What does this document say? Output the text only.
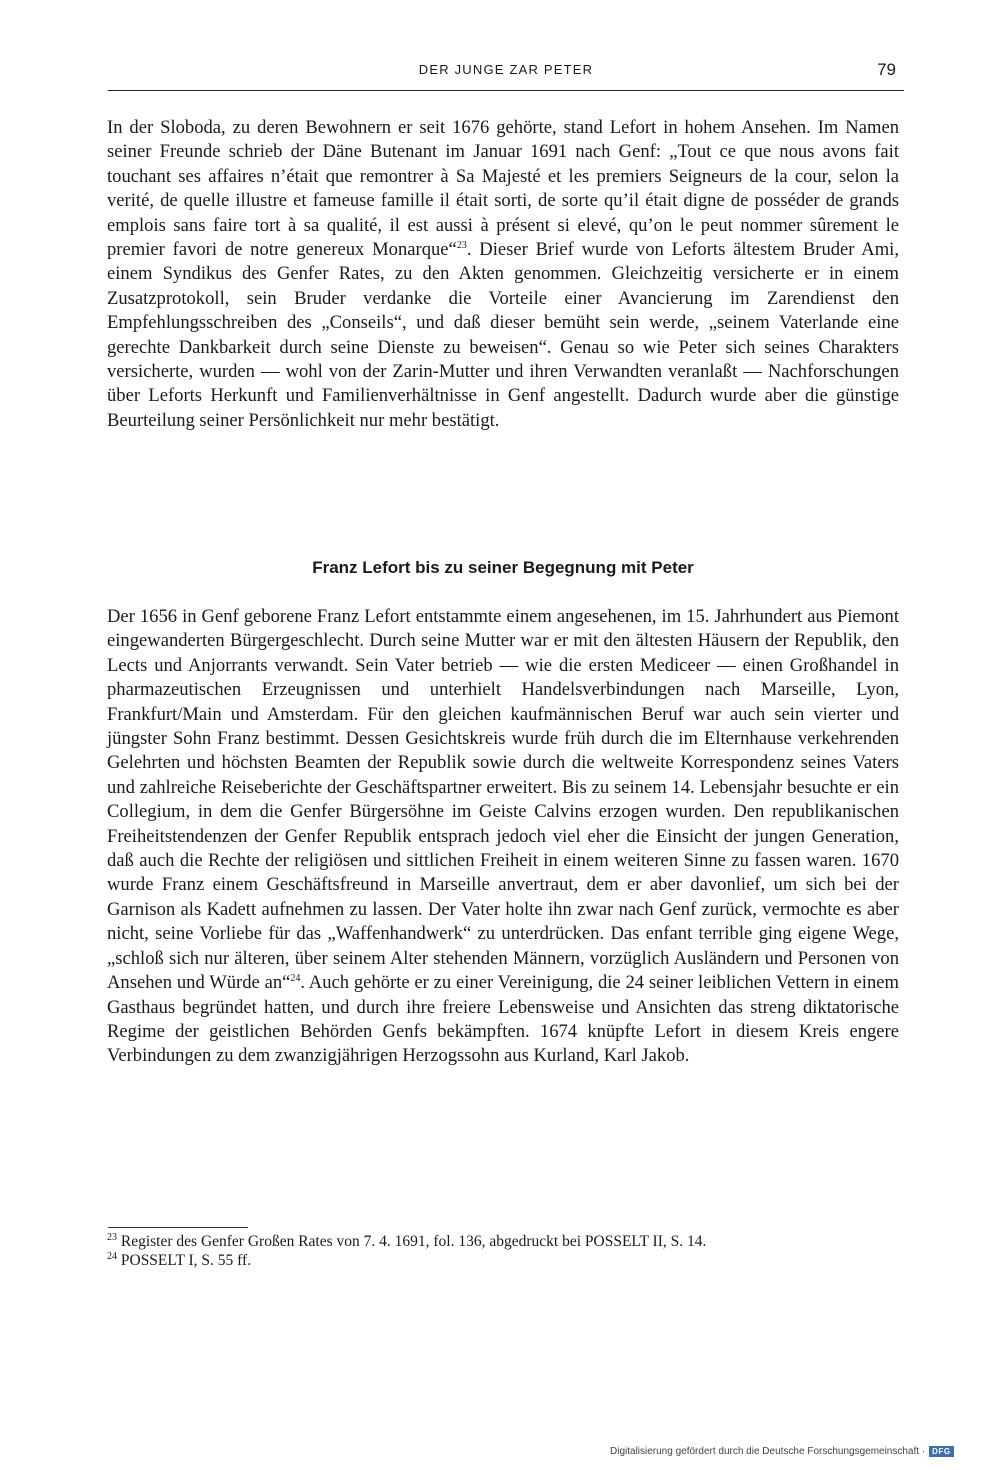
DER JUNGE ZAR PETER	79

In der Sloboda, zu deren Bewohnern er seit 1676 gehörte, stand Lefort in hohem Ansehen. Im Namen seiner Freunde schrieb der Däne Butenant im Januar 1691 nach Genf: „Tout ce que nous avons fait touchant ses affaires n’était que remontrer à Sa Majesté et les premiers Seigneurs de la cour, selon la verité, de quelle illustre et fameuse famille il était sorti, de sorte qu’il était digne de posséder de grands emplois sans faire tort à sa qualité, il est aussi à présent si elevé, qu’on le peut nommer sûrement le premier favori de notre genereux Monarque“$^{23}$. Dieser Brief wurde von Leforts ältestem Bruder Ami, einem Syndikus des Genfer Rates, zu den Akten genommen. Gleichzeitig versicherte er in einem Zusatzprotokoll, sein Bruder verdanke die Vorteile einer Avancierung im Zarendienst den Empfehlungsschreiben des „Conseils“, und daß dieser bemüht sein werde, „seinem Vaterlande eine gerechte Dankbarkeit durch seine Dienste zu beweisen“. Genau so wie Peter sich seines Charakters versicherte, wurden — wohl von der Zarin-Mutter und ihren Verwandten veranlaßt — Nachforschungen über Leforts Herkunft und Familienverhältnisse in Genf angestellt. Dadurch wurde aber die günstige Beurteilung seiner Persönlichkeit nur mehr bestätigt.

Franz Lefort bis zu seiner Begegnung mit Peter

Der 1656 in Genf geborene Franz Lefort entstammte einem angesehenen, im 15. Jahrhundert aus Piemont eingewanderten Bürgergeschlecht. Durch seine Mutter war er mit den ältesten Häusern der Republik, den Lects und Anjorrants verwandt. Sein Vater betrieb — wie die ersten Mediceer — einen Großhandel in pharmazeutischen Erzeugnissen und unterhielt Handelsverbindungen nach Marseille, Lyon, Frankfurt/Main und Amsterdam. Für den gleichen kaufmännischen Beruf war auch sein vierter und jüngster Sohn Franz bestimmt. Dessen Gesichtskreis wurde früh durch die im Elternhause verkehrenden Gelehrten und höchsten Beamten der Republik sowie durch die weltweite Korrespondenz seines Vaters und zahlreiche Reiseberichte der Geschäftspartner erweitert. Bis zu seinem 14. Lebensjahr besuchte er ein Collegium, in dem die Genfer Bürgersöhne im Geiste Calvins erzogen wurden. Den republikanischen Freiheitstendenzen der Genfer Republik entsprach jedoch viel eher die Einsicht der jungen Generation, daß auch die Rechte der religiösen und sittlichen Freiheit in einem weiteren Sinne zu fassen waren. 1670 wurde Franz einem Geschäftsfreund in Marseille anvertraut, dem er aber davonlief, um sich bei der Garnison als Kadett aufnehmen zu lassen. Der Vater holte ihn zwar nach Genf zurück, vermochte es aber nicht, seine Vorliebe für das „Waffenhandwerk“ zu unterdrücken. Das enfant terrible ging eigene Wege, „schloß sich nur älteren, über seinem Alter stehenden Männern, vorzüglich Ausländern und Personen von Ansehen und Würde an“$^{24}$. Auch gehörte er zu einer Vereinigung, die 24 seiner leiblichen Vettern in einem Gasthaus begründet hatten, und durch ihre freiere Lebensweise und Ansichten das streng diktatorische Regime der geistlichen Behörden Genfs bekämpften. 1674 knüpfte Lefort in diesem Kreis engere Verbindungen zu dem zwanzigjährigen Herzogssohn aus Kurland, Karl Jakob.

$^{23}$ Register des Genfer Großen Rates von 7. 4. 1691, fol. 136, abgedruckt bei POSSELT II, S. 14.

$^{24}$ POSSELT I, S. 55 ff.

Digitalisierung gefördert durch die Deutsche Forschungsgemeinschaft · DFG
